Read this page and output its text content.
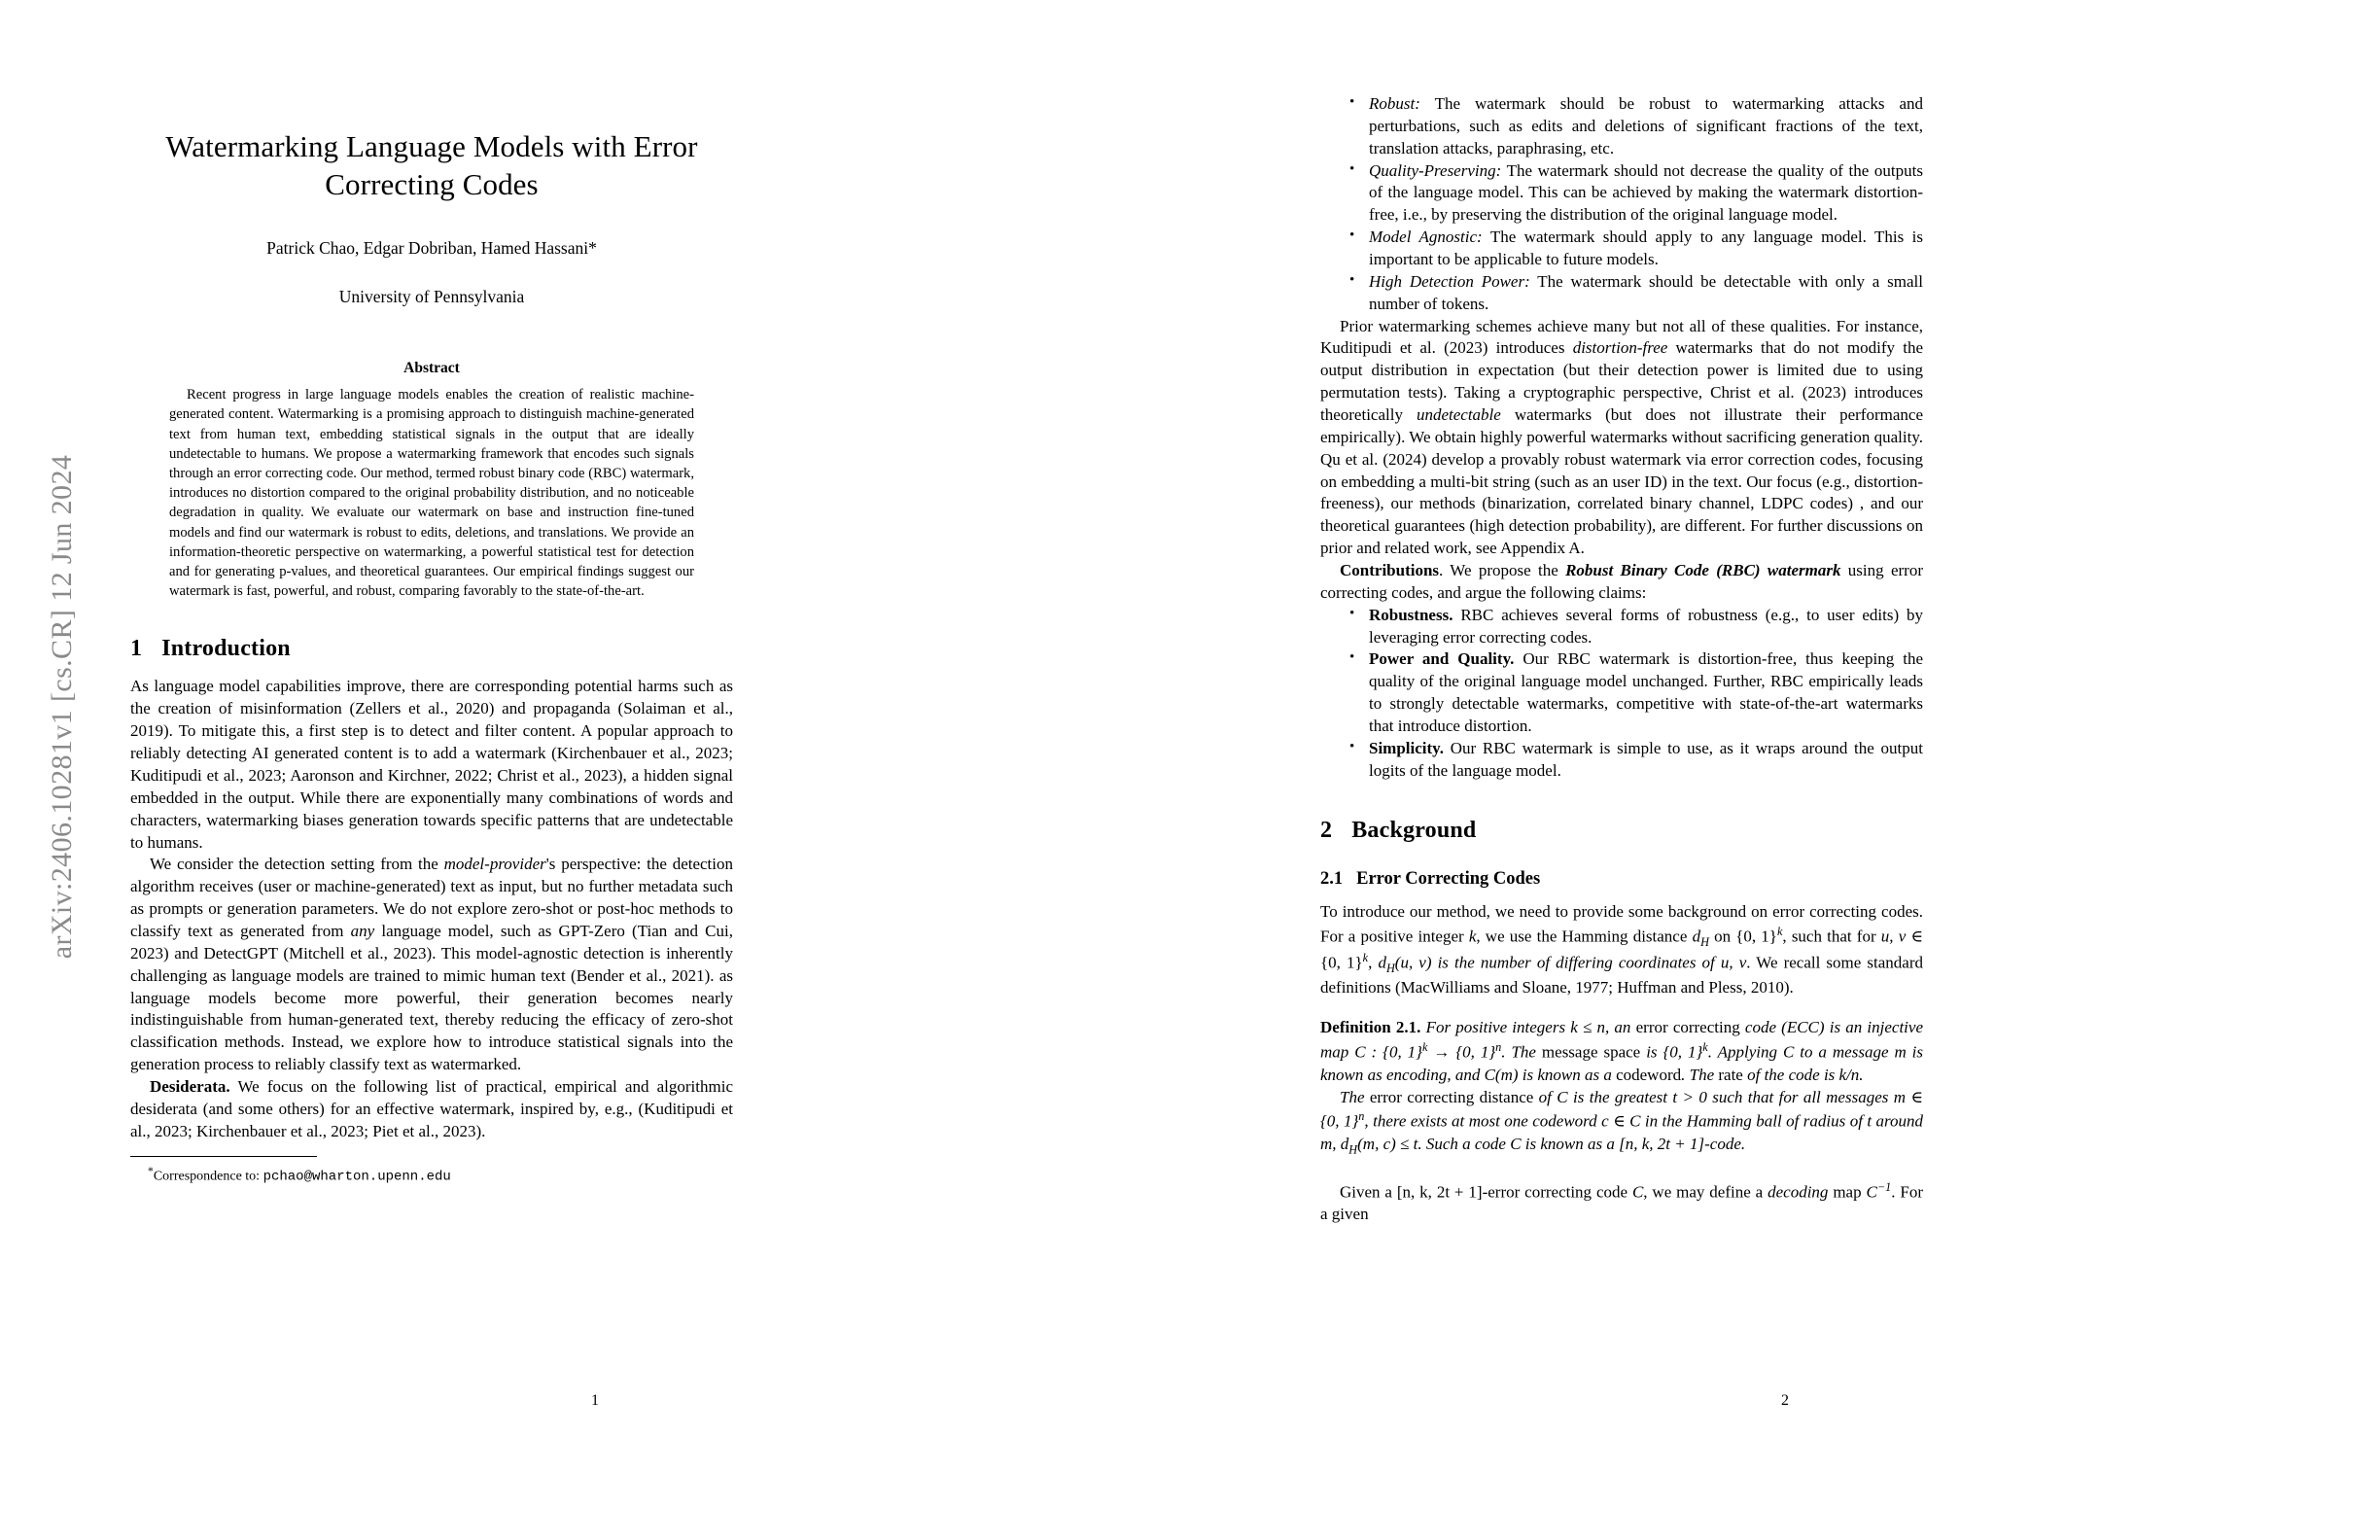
arXiv:2406.10281v1 [cs.CR] 12 Jun 2024
Watermarking Language Models with Error Correcting Codes
Patrick Chao, Edgar Dobriban, Hamed Hassani*
University of Pennsylvania
Abstract
Recent progress in large language models enables the creation of realistic machine-generated content. Watermarking is a promising approach to distinguish machine-generated text from human text, embedding statistical signals in the output that are ideally undetectable to humans. We propose a watermarking framework that encodes such signals through an error correcting code. Our method, termed robust binary code (RBC) watermark, introduces no distortion compared to the original probability distribution, and no noticeable degradation in quality. We evaluate our watermark on base and instruction fine-tuned models and find our watermark is robust to edits, deletions, and translations. We provide an information-theoretic perspective on watermarking, a powerful statistical test for detection and for generating p-values, and theoretical guarantees. Our empirical findings suggest our watermark is fast, powerful, and robust, comparing favorably to the state-of-the-art.
1 Introduction

As language model capabilities improve, there are corresponding potential harms such as the creation of misinformation (Zellers et al., 2020) and propaganda (Solaiman et al., 2019). To mitigate this, a first step is to detect and filter content. A popular approach to reliably detecting AI generated content is to add a watermark (Kirchenbauer et al., 2023; Kuditipudi et al., 2023; Aaronson and Kirchner, 2022; Christ et al., 2023), a hidden signal embedded in the output. While there are exponentially many combinations of words and characters, watermarking biases generation towards specific patterns that are undetectable to humans.

We consider the detection setting from the model-provider's perspective: the detection algorithm receives (user or machine-generated) text as input, but no further metadata such as prompts or generation parameters. We do not explore zero-shot or post-hoc methods to classify text as generated from any language model, such as GPT-Zero (Tian and Cui, 2023) and DetectGPT (Mitchell et al., 2023). This model-agnostic detection is inherently challenging as language models are trained to mimic human text (Bender et al., 2021). as language models become more powerful, their generation becomes nearly indistinguishable from human-generated text, thereby reducing the efficacy of zero-shot classification methods. Instead, we explore how to introduce statistical signals into the generation process to reliably classify text as watermarked.

Desiderata. We focus on the following list of practical, empirical and algorithmic desiderata (and some others) for an effective watermark, inspired by, e.g., (Kuditipudi et al., 2023; Kirchenbauer et al., 2023; Piet et al., 2023).

*Correspondence to: pchao@wharton.upenn.edu
1
• Robust: The watermark should be robust to watermarking attacks and perturbations, such as edits and deletions of significant fractions of the text, translation attacks, paraphrasing, etc.
• Quality-Preserving: The watermark should not decrease the quality of the outputs of the language model. This can be achieved by making the watermark distortion-free, i.e., by preserving the distribution of the original language model.
• Model Agnostic: The watermark should apply to any language model. This is important to be applicable to future models.
• High Detection Power: The watermark should be detectable with only a small number of tokens.

Prior watermarking schemes achieve many but not all of these qualities. For instance, Kuditipudi et al. (2023) introduces distortion-free watermarks that do not modify the output distribution in expectation (but their detection power is limited due to using permutation tests). Taking a cryptographic perspective, Christ et al. (2023) introduces theoretically undetectable watermarks (but does not illustrate their performance empirically). We obtain highly powerful watermarks without sacrificing generation quality. Qu et al. (2024) develop a provably robust watermark via error correction codes, focusing on embedding a multi-bit string (such as an user ID) in the text. Our focus (e.g., distortion-freeness), our methods (binarization, correlated binary channel, LDPC codes) , and our theoretical guarantees (high detection probability), are different. For further discussions on prior and related work, see Appendix A.

Contributions. We propose the Robust Binary Code (RBC) watermark using error correcting codes, and argue the following claims:

• Robustness. RBC achieves several forms of robustness (e.g., to user edits) by leveraging error correcting codes.
• Power and Quality. Our RBC watermark is distortion-free, thus keeping the quality of the original language model unchanged. Further, RBC empirically leads to strongly detectable watermarks, competitive with state-of-the-art watermarks that introduce distortion.
• Simplicity. Our RBC watermark is simple to use, as it wraps around the output logits of the language model.
2 Background
2.1 Error Correcting Codes

To introduce our method, we need to provide some background on error correcting codes. For a positive integer k, we use the Hamming distance $d_H$ on {0, 1}$^k$, such that for u, v ∈ {0, 1}$^k$, $d_H(u$, v) is the number of differing coordinates of u, v. We recall some standard definitions (MacWilliams and Sloane, 1977; Huffman and Pless, 2010).

Definition 2.1. For positive integers k ≤ n, an error correcting code (ECC) is an injective map C : {0, 1}$^k$ → {0, 1}$^n$. The message space is {0, 1}$^k$. Applying C to a message m is known as encoding, and C(m) is known as a codeword. The rate of the code is k/n.

The error correcting distance of C is the greatest t > 0 such that for all messages m ∈ {0, 1}$^n$, there exists at most one codeword c ∈ C in the Hamming ball of radius of t around m, $d_H(m$, c) ≤ t. Such a code C is known as a [n, k, 2t + 1]-code.

Given a [n, k, 2t + 1]-error correcting code C, we may define a decoding map $C^{-1}$. For a given

2
